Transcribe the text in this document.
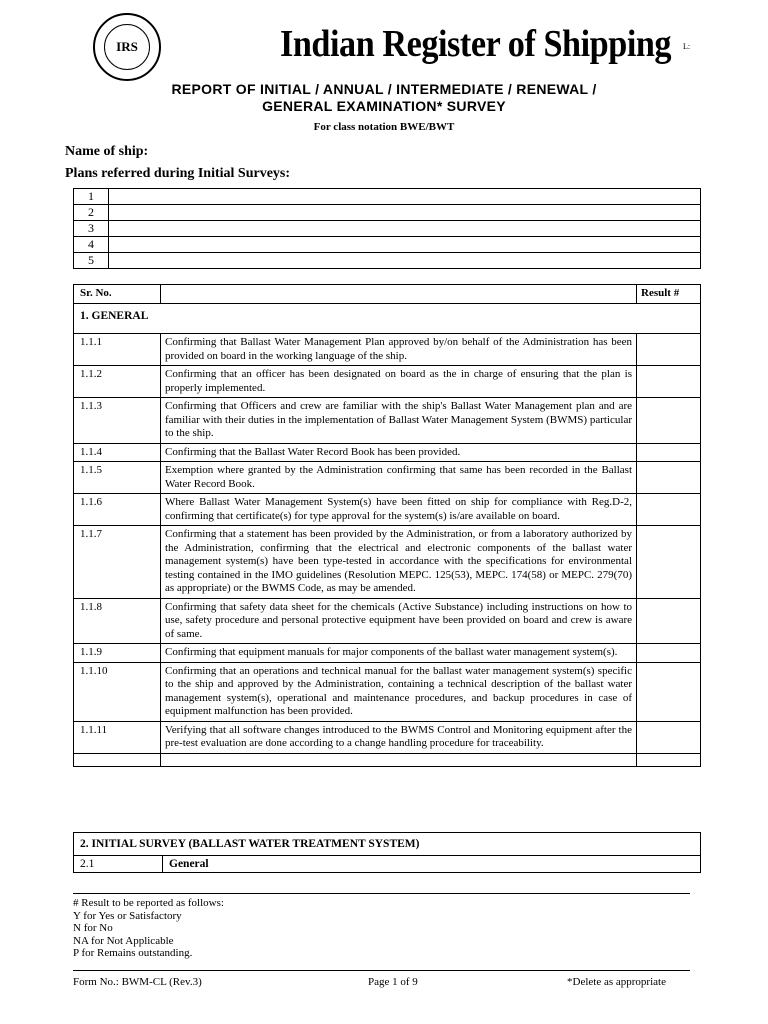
IRS	Indian Register of Shipping L:
REPORT OF INITIAL / ANNUAL / INTERMEDIATE / RENEWAL /
GENERAL EXAMINATION* SURVEY
For class notation BWE/BWT
Name of ship:
Plans referred during Initial Surveys:
1	
2	
3	
4	
5	
Sr. No.		Result #
1. GENERAL		
1.1.1	Confirming that Ballast Water Management Plan approved by/on behalf of the Administration has been provided on board in the working language of the ship.	
1.1.2	Confirming that an officer has been designated on board as the in charge of ensuring that the plan is properly implemented.	
1.1.3	Confirming that Officers and crew are familiar with the ship's Ballast Water Management plan and are familiar with their duties in the implementation of Ballast Water Management System (BWMS) particular to the ship.	
1.1.4	Confirming that the Ballast Water Record Book has been provided.	
1.1.5	Exemption where granted by the Administration confirming that same has been recorded in the Ballast Water Record Book.	
1.1.6	Where Ballast Water Management System(s) have been fitted on ship for compliance with Reg.D-2, confirming that certificate(s) for type approval for the system(s) is/are available on board.	
1.1.7	Confirming that a statement has been provided by the Administration, or from a laboratory authorized by the Administration, confirming that the electrical and electronic components of the ballast water management system(s) have been type-tested in accordance with the specifications for environmental testing contained in the IMO guidelines (Resolution MEPC. 125(53), MEPC. 174(58) or MEPC. 279(70) as appropriate) or the BWMS Code, as may be amended.	
1.1.8	Confirming that safety data sheet for the chemicals (Active Substance) including instructions on how to use, safety procedure and personal protective equipment have been provided on board and crew is aware of same.	
1.1.9	Confirming that equipment manuals for major components of the ballast water management system(s).	
1.1.10	Confirming that an operations and technical manual for the ballast water management system(s) specific to the ship and approved by the Administration, containing a technical description of the ballast water management system(s), operational and maintenance procedures, and backup procedures in case of equipment malfunction has been provided.	
1.1.11	Verifying that all software changes introduced to the BWMS Control and Monitoring equipment after the pre-test evaluation are done according to a change handling procedure for traceability.	

2. INITIAL SURVEY (BALLAST WATER TREATMENT SYSTEM)
2.1	General
# Result to be reported as follows:
Y for Yes or Satisfactory
N for No
NA for Not Applicable
P for Remains outstanding.
Form No.: BWM-CL (Rev.3)	Page 1 of 9	*Delete as appropriate
